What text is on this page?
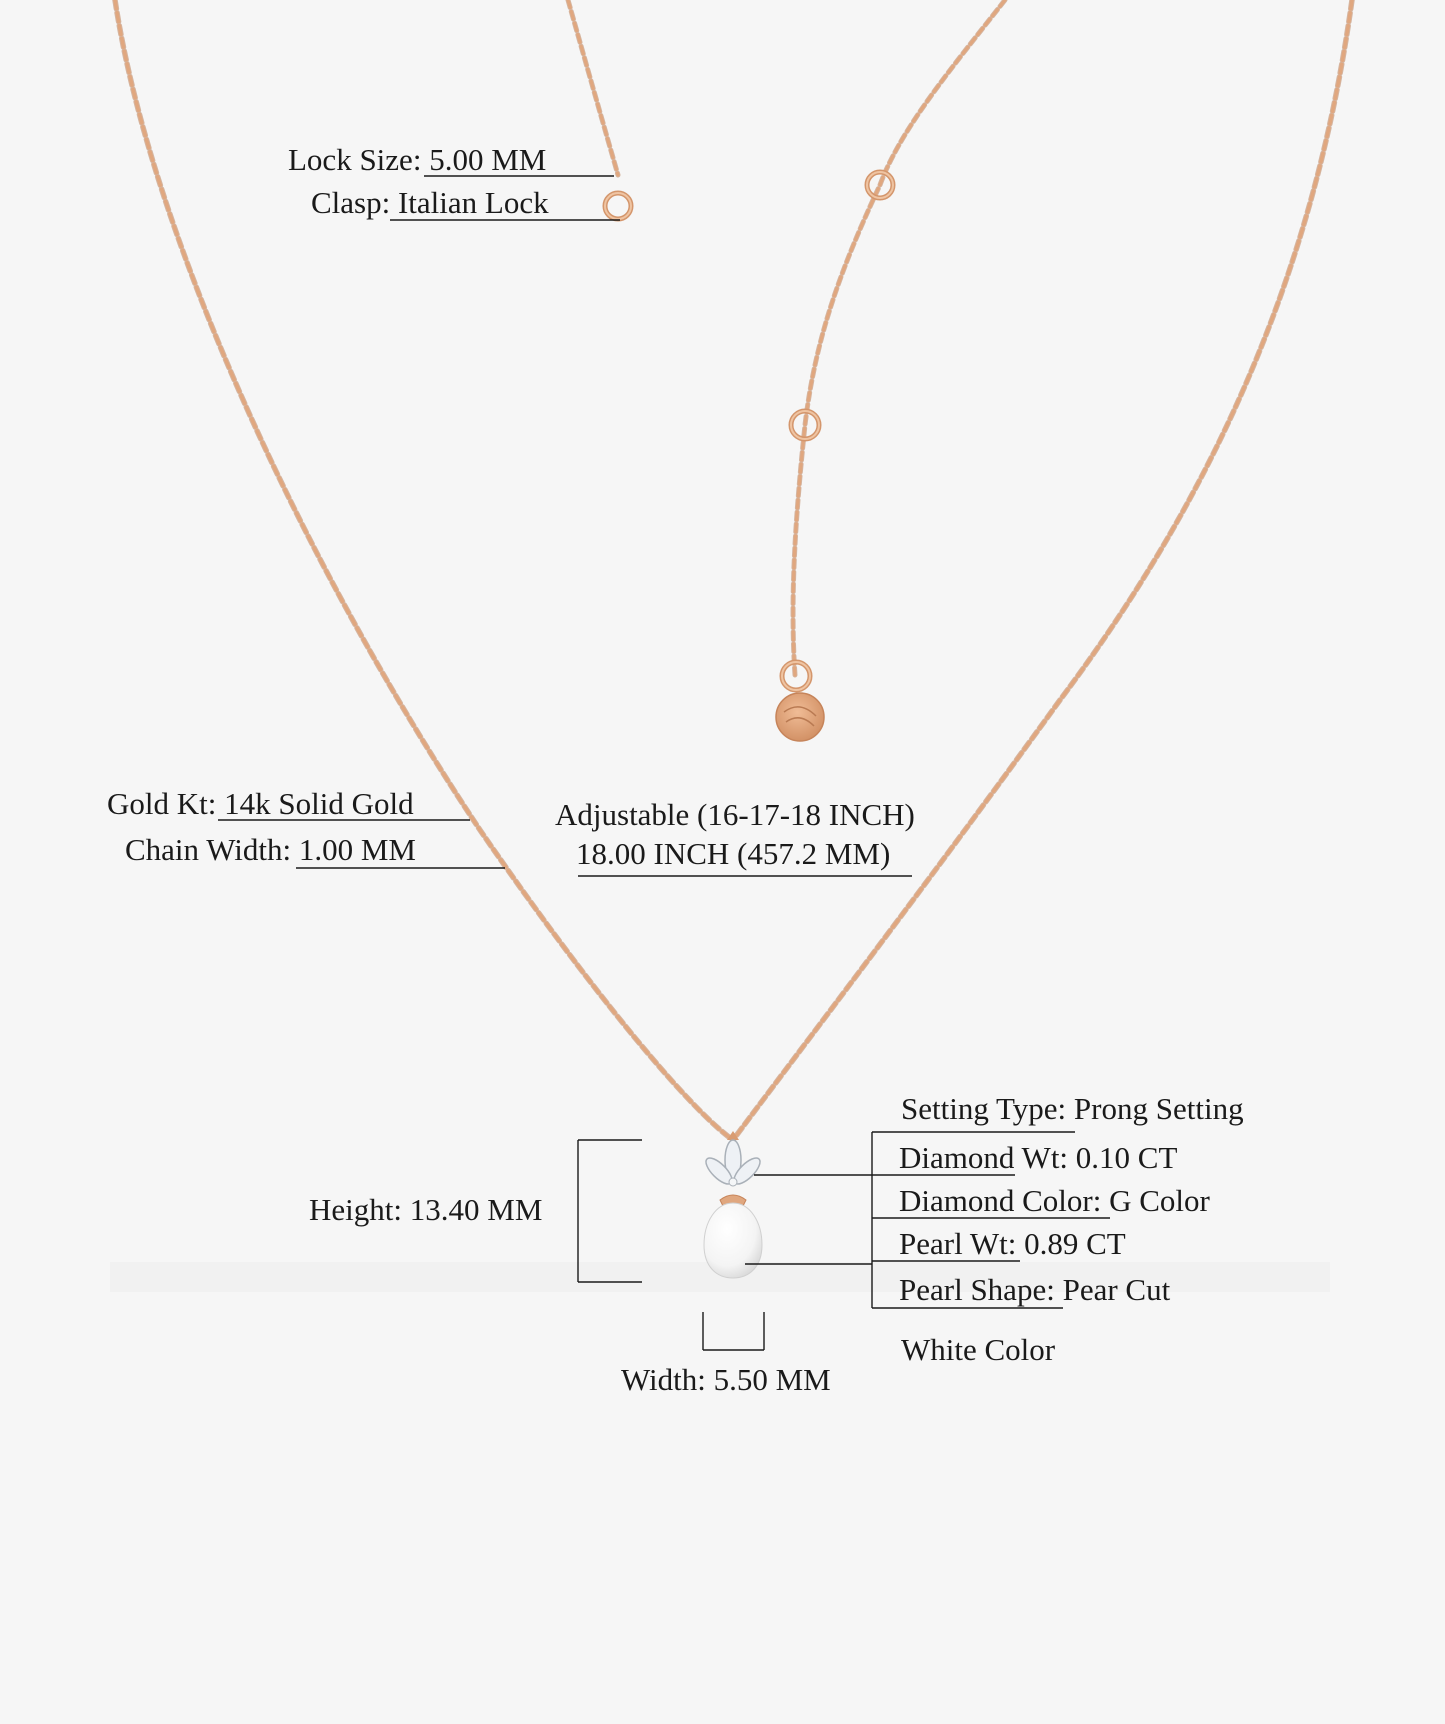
Lock Size: 5.00 MM
Clasp: Italian Lock
Gold Kt: 14k Solid Gold
Chain Width: 1.00 MM
Adjustable (16-17-18 INCH)
18.00 INCH (457.2 MM)
Setting Type: Prong Setting
Diamond Wt: 0.10 CT
Diamond Color: G Color
Pearl Wt: 0.89 CT
Pearl Shape: Pear Cut
White Color
Height: 13.40 MM
Width: 5.50 MM
